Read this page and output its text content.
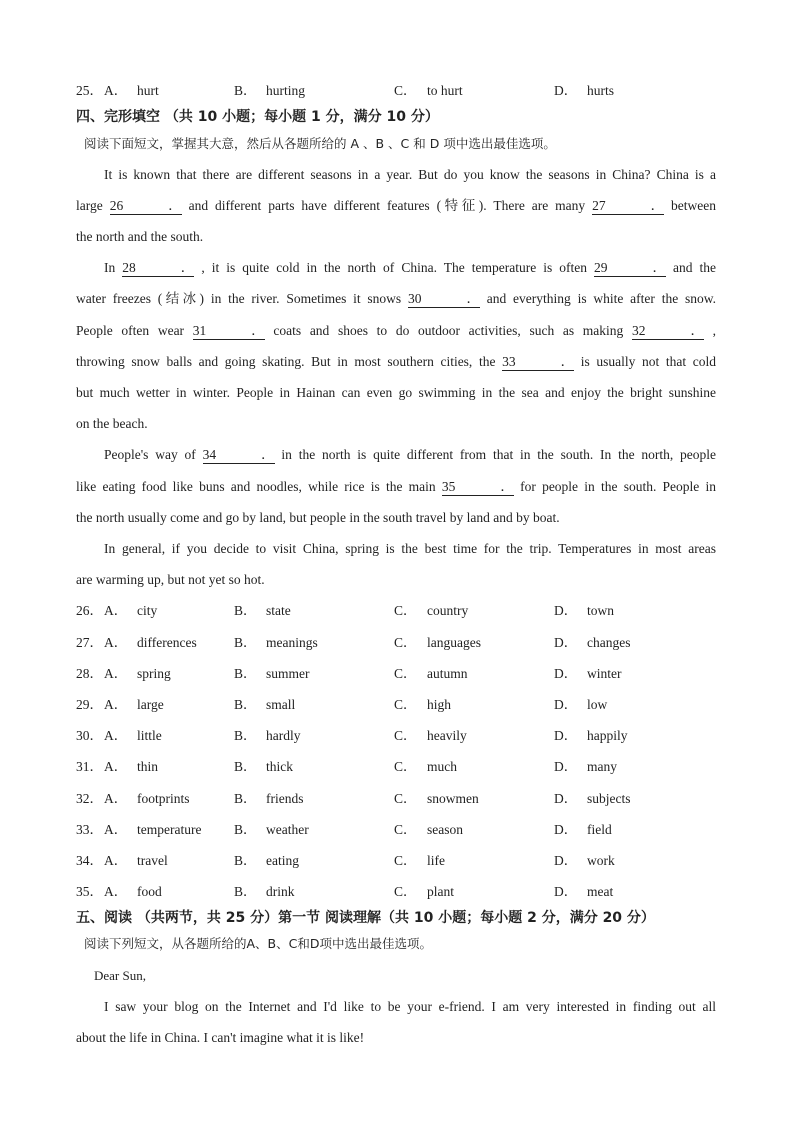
25． A． hurt	B． hurting	C． to hurt	D． hurts
四、完形填空 （共 10 小题；每小题 1 分，满分 10 分）
阅读下面短文，掌握其大意，然后从各题所给的 A 、B 、C 和 D 项中选出最佳选项。
It is known that there are different seasons in a year. But do you know the seasons in China? China is a
large 26． and different parts have different features (特征). There are many 27． between
the north and the south.
In 28． , it is quite cold in the north of China. The temperature is often 29． and the
water freezes (结冰) in the river. Sometimes it snows 30． and everything is white after the snow.
People often wear 31． coats and shoes to do outdoor activities, such as making 32． ,
throwing snow balls and going skating. But in most southern cities, the 33． is usually not that cold
but much wetter in winter. People in Hainan can even go swimming in the sea and enjoy the bright sunshine
on the beach.
People's way of 34． in the north is quite different from that in the south. In the north, people
like eating food like buns and noodles, while rice is the main 35． for people in the south. People in
the north usually come and go by land, but people in the south travel by land and by boat.
In general, if you decide to visit China, spring is the best time for the trip. Temperatures in most areas
are warming up, but not yet so hot.
26． A． city	B． state	C． country	D． town
27． A． differences	B． meanings	C． languages	D． changes
28． A． spring	B． summer	C． autumn	D． winter
29． A． large	B． small	C． high	D． low
30． A． little	B． hardly	C． heavily	D． happily
31． A． thin	B． thick	C． much	D． many
32． A． footprints	B． friends	C． snowmen	D． subjects
33． A． temperature B． weather	C． season	D． field
34． A． travel	B． eating	C． life	D． work
35． A． food	B． drink	C． plant	D． meat
五、阅读 （共两节，共 25 分）第一节 阅读理解（共 10 小题；每小题 2 分，满分 20 分）
阅读下列短文，从各题所给的A、B、C和D项中选出最佳选项。
Dear Sun,
I saw your blog on the Internet and I'd like to be your e-friend. I am very interested in finding out all
about the life in China. I can't imagine what it is like!
